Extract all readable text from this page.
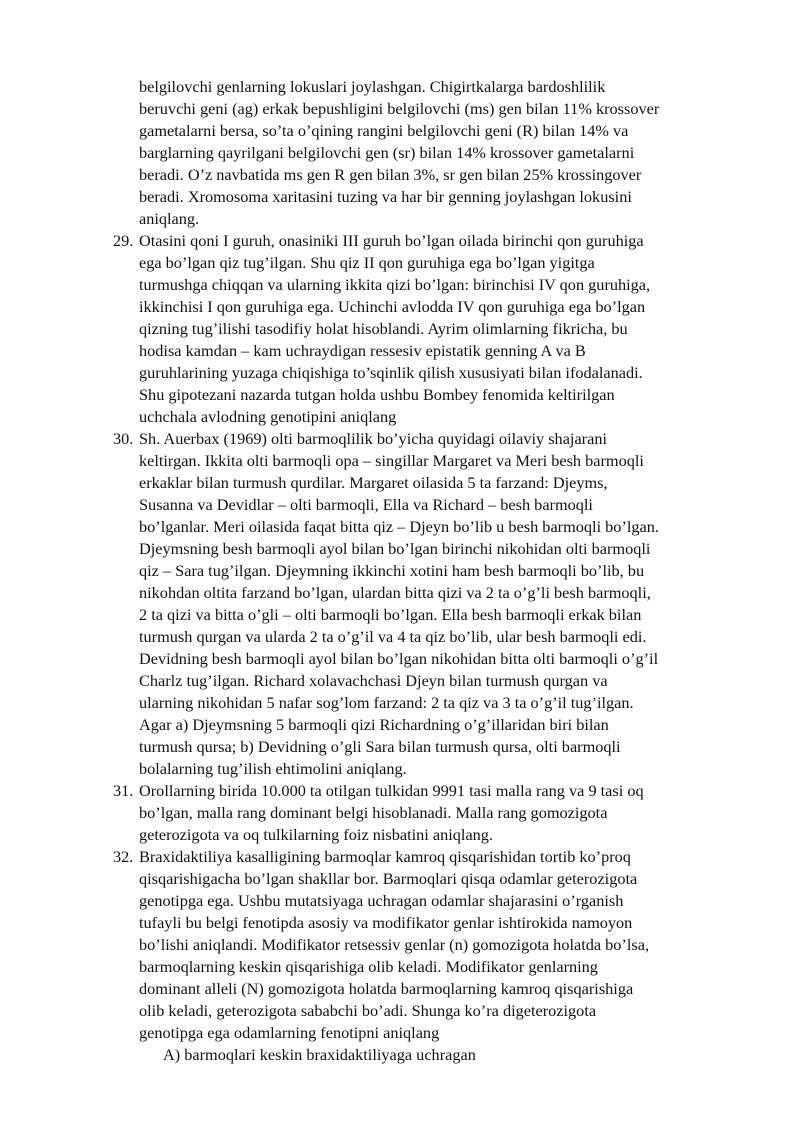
belgilovchi genlarning lokuslari joylashgan. Chigirtkalarga bardoshlilik
beruvchi geni (ag) erkak bepushligini belgilovchi (ms) gen bilan 11% krossover
gametalarni bersa, so’ta o’qining rangini belgilovchi geni (R) bilan 14% va
barglarning qayrilgani belgilovchi gen (sr) bilan 14% krossover gametalarni
beradi. O’z navbatida ms gen R gen bilan 3%, sr gen bilan 25% krossingover
beradi. Xromosoma xaritasini tuzing va har bir genning joylashgan lokusini
aniqlang.
29. Otasini qoni I guruh, onasiniki III guruh bo’lgan oilada birinchi qon guruhiga
ega bo’lgan qiz tug’ilgan. Shu qiz II qon guruhiga ega bo’lgan yigitga
turmushga chiqqan va ularning ikkita qizi bo’lgan: birinchisi IV qon guruhiga,
ikkinchisi I qon guruhiga ega. Uchinchi avlodda IV qon guruhiga ega bo’lgan
qizning tug’ilishi tasodifiy holat hisoblandi. Ayrim olimlarning fikricha, bu
hodisa kamdan – kam uchraydigan ressesiv epistatik genning A va B
guruhlarining yuzaga chiqishiga to’sqinlik qilish xususiyati bilan ifodalanadi.
Shu gipotezani nazarda tutgan holda ushbu Bombey fenomida keltirilgan
uchchala avlodning genotipini aniqlang
30. Sh. Auerbax (1969) olti barmoqlilik bo’yicha quyidagi oilaviy shajarani
keltirgan. Ikkita olti barmoqli opa – singillar Margaret va Meri besh barmoqli
erkaklar bilan turmush qurdilar. Margaret oilasida 5 ta farzand: Djeyms,
Susanna va Devidlar – olti barmoqli, Ella va Richard – besh barmoqli
bo’lganlar. Meri oilasida faqat bitta qiz – Djeyn bo’lib u besh barmoqli bo’lgan.
Djeymsning besh barmoqli ayol bilan bo’lgan birinchi nikohidan olti barmoqli
qiz – Sara tug’ilgan. Djeymning ikkinchi xotini ham besh barmoqli bo’lib, bu
nikohdan oltita farzand bo’lgan, ulardan bitta qizi va 2 ta o’g’li besh barmoqli,
2 ta qizi va bitta o’gli – olti barmoqli bo’lgan. Ella besh barmoqli erkak bilan
turmush qurgan va ularda 2 ta o’g’il va 4 ta qiz bo’lib, ular besh barmoqli edi.
Devidning besh barmoqli ayol bilan bo’lgan nikohidan bitta olti barmoqli o’g’il
Charlz tug’ilgan. Richard xolavachchasi Djeyn bilan turmush qurgan va
ularning nikohidan 5 nafar sog’lom farzand: 2 ta qiz va 3 ta o’g’il tug’ilgan.
Agar a) Djeymsning 5 barmoqli qizi Richardning o’g’illaridan biri bilan
turmush qursa; b) Devidning o’gli Sara bilan turmush qursa, olti barmoqli
bolalarning tug’ilish ehtimolini aniqlang.
31. Orollarning birida 10.000 ta otilgan tulkidan 9991 tasi malla rang va 9 tasi oq
bo’lgan, malla rang dominant belgi hisoblanadi. Malla rang gomozigota
geterozigota va oq tulkilarning foiz nisbatini aniqlang.
32. Braxidaktiliya kasalligining barmoqlar kamroq qisqarishidan tortib ko’proq
qisqarishigacha bo’lgan shakllar bor. Barmoqlari qisqa odamlar geterozigota
genotipga ega. Ushbu mutatsiyaga uchragan odamlar shajarasini o’rganish
tufayli bu belgi fenotipda asosiy va modifikator genlar ishtirokida namoyon
bo’lishi aniqlandi. Modifikator retsessiv genlar (n) gomozigota holatda bo’lsa,
barmoqlarning keskin qisqarishiga olib keladi. Modifikator genlarning
dominant alleli (N) gomozigota holatda barmoqlarning kamroq qisqarishiga
olib keladi, geterozigota sababchi bo’adi. Shunga ko’ra digeterozigota
genotipga ega odamlarning fenotipni aniqlang
A) barmoqlari keskin braxidaktiliyaga uchragan
